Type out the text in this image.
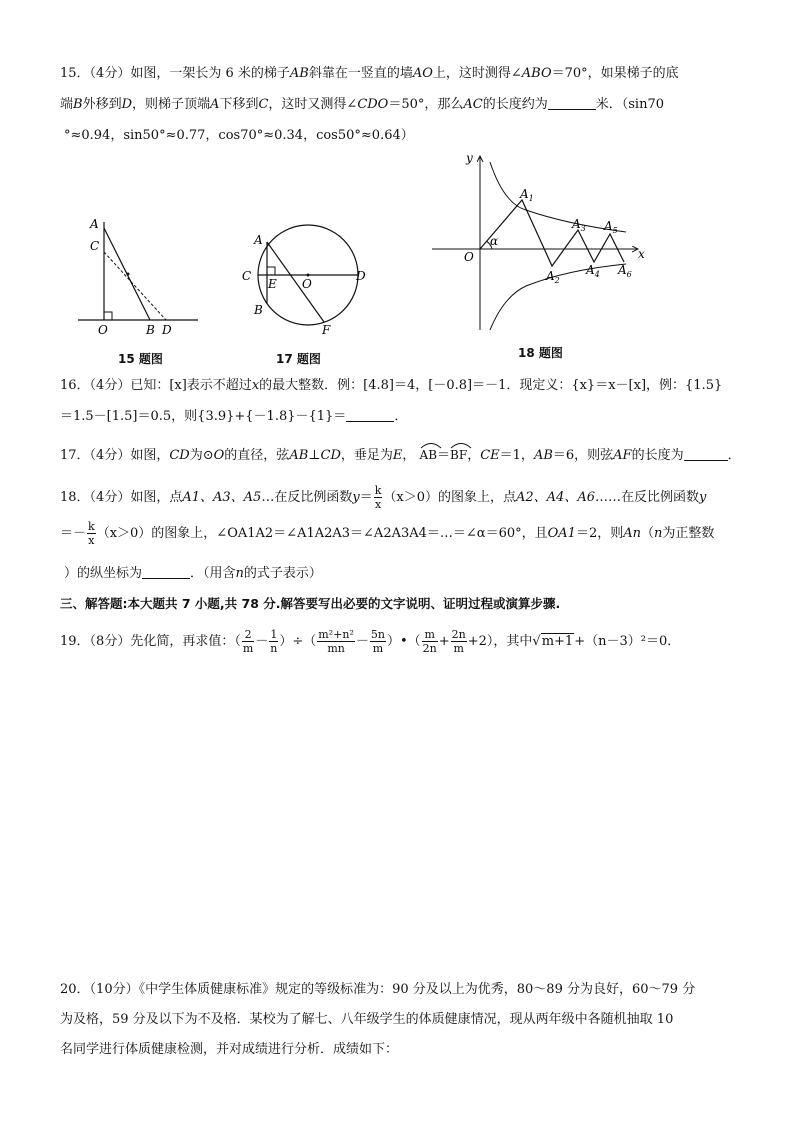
15．（4分）如图，一架长为 6 米的梯子AB斜靠在一竖直的墙AO上，这时测得∠ABO＝70°，如果梯子的底
端B外移到D，则梯子顶端A下移到C，这时又测得∠CDO＝50°，那么AC的长度约为	米．（sin70
°≈0.94，sin50°≈0.77，cos70°≈0.34，cos50°≈0.64）
A
C
O	B D
15 题图
A
C
E O
D
B
F
17 题图
y
x
O
α
$A_1$
$A_2$
$A_3$
$A_4$
$A_5$
$A_6$
18 题图
16．（4分）已知：[x]表示不超过x的最大整数．例：[4.8]＝4，[－0.8]＝－1．现定义：{x}＝x－[x]，例：{1.5}
＝1.5－[1.5]＝0.5，则{3.9}+{－1.8}－{1}＝	．
17．（4分）如图，CD为⊙O的直径，弦AB⊥CD，垂足为E， AB＝
BF，CE＝1，AB＝6，则弦AF的长度为	．
18．（4分）如图，点A1、A3、A5…在反比例函数$y= \frac{k}{x} (x>0)$的图象上，点A2、A4、A6……在反比例函数y
＝－ $\frac{k}{x} (x>0)$的图象上，∠OA1A2＝∠A1A2A3＝∠A2A3A4＝…＝∠α＝60°，且OA1＝2，则An（n为正整数
）的纵坐标为	．（用含n的式子表示）
三、解答题:本大题共 7 小题,共 78 分.解答要写出必要的文字说明、证明过程或演算步骤.
19．（8分）先化简，再求值：（ $\frac{2}{m} - \frac{1}{n}$ ）÷（ $\frac{\text{m²+n²}}{mn} - \frac{5n}{m}$ ）•（ $\frac{m}{2n} + \frac{2n}{m} +2$），其中√m+1+（n－3）²＝0．
20．（10分）《中学生体质健康标准》规定的等级标准为：90 分及以上为优秀，80～89 分为良好，60～79 分
为及格，59 分及以下为不及格．某校为了解七、八年级学生的体质健康情况，现从两年级中各随机抽取 10
名同学进行体质健康检测，并对成绩进行分析．成绩如下：
